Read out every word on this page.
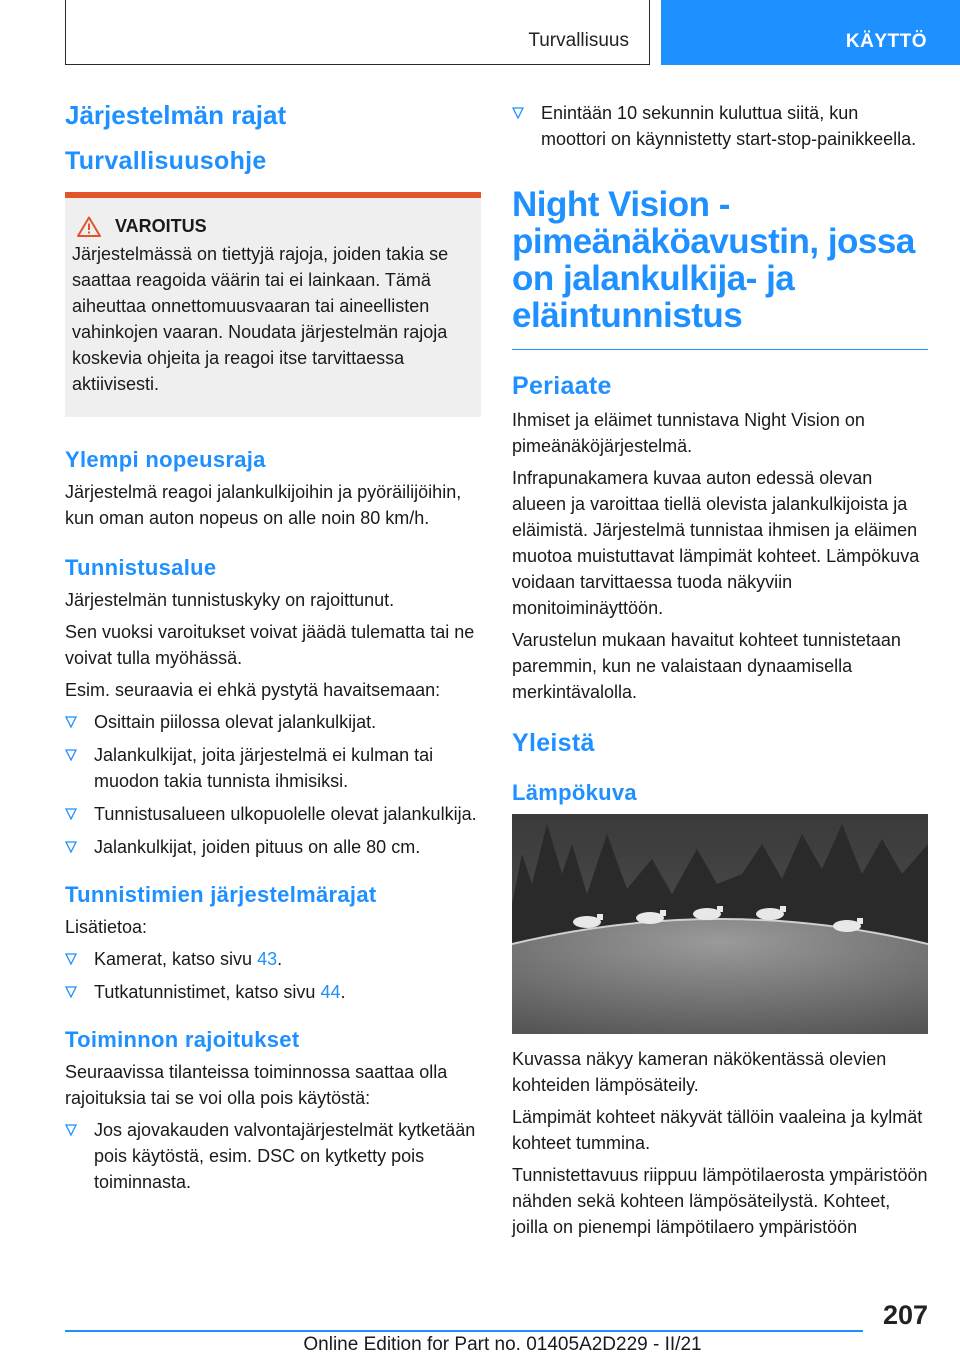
Turvallisuus	KÄYTTÖ
Järjestelmän rajat
Turvallisuusohje
VAROITUS

Järjestelmässä on tiettyjä rajoja, joiden takia se saattaa reagoida väärin tai ei lainkaan. Tämä aiheuttaa onnettomuusvaaran tai aineellisten vahinkojen vaaran. Noudata järjestelmän rajoja koskevia ohjeita ja reagoi itse tarvittaessa aktiivisesti.

Ylempi nopeusraja

Järjestelmä reagoi jalankulkijoihin ja pyöräilijöihin, kun oman auton nopeus on alle noin 80 km/h.

Tunnistusalue

Järjestelmän tunnistuskyky on rajoittunut.

Sen vuoksi varoitukset voivat jäädä tulematta tai ne voivat tulla myöhässä.

Esim. seuraavia ei ehkä pystytä havaitsemaan:

Osittain piilossa olevat jalankulkijat.
Jalankulkijat, joita järjestelmä ei kulman tai muodon takia tunnista ihmisiksi.
Tunnistusalueen ulkopuolelle olevat jalankulkija.
Jalankulkijat, joiden pituus on alle 80 cm.
Tunnistimien järjestelmärajat

Lisätietoa:

Kamerat, katso sivu 43.
Tutkatunnistimet, katso sivu 44.
Toiminnon rajoitukset

Seuraavissa tilanteissa toiminnossa saattaa olla rajoituksia tai se voi olla pois käytöstä:

Jos ajovakauden valvontajärjestelmät kytketään pois käytöstä, esim. DSC on kytketty pois toiminnasta.
Enintään 10 sekunnin kuluttua siitä, kun moottori on käynnistetty start-stop-painikkeella.
Night Vision -pimeänäköavustin, jossa on jalankulkija- ja eläintunnistus
Periaate

Ihmiset ja eläimet tunnistava Night Vision on pimeänäköjärjestelmä.

Infrapunakamera kuvaa auton edessä olevan alueen ja varoittaa tiellä olevista jalankulkijoista ja eläimistä. Järjestelmä tunnistaa ihmisen ja eläimen muotoa muistuttavat lämpimät kohteet. Lämpökuva voidaan tarvittaessa tuoda näkyviin monitoiminäyttöön.

Varustelun mukaan havaitut kohteet tunnistetaan paremmin, kun ne valaistaan dynaamisella merkintävalolla.

Yleistä
Lämpökuva

Kuvassa näkyy kameran näkökentässä olevien kohteiden lämpösäteily.

Lämpimät kohteet näkyvät tällöin vaaleina ja kylmät kohteet tummina.

Tunnistettavuus riippuu lämpötilaerosta ympäristöön nähden sekä kohteen lämpösäteilystä. Kohteet, joilla on pienempi lämpötilaero ympäristöön

207
Online Edition for Part no. 01405A2D229 - II/21
